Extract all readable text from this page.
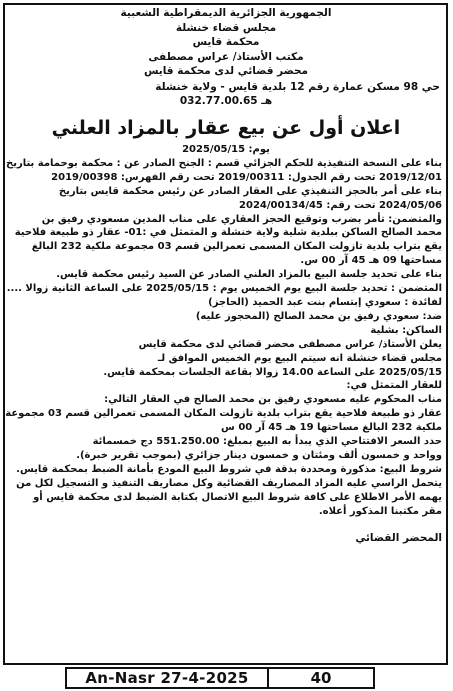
الجمهورية الجزائرية الديمقراطية الشعبية
مجلس قضاء خنشلة
محكمة قايس
مكتب الأستاذ/ عراس مصطفى
محضر قضائي لدى محكمة قايس
حي 98 مسكن عمارة رقم 12 بلدية قايس - ولاية خنشلة
032.77.00.65 هـ
اعلان أول عن بيع عقار بالمزاد العلني
يوم: 2025/05/15
بناء على النسخة التنفيذية للحكم الجزائي قسم : الجنح الصادر عن : محكمة بوحمامة بتاريخ
2019/12/01 تحت رقم الجدول: 2019/00311 تحت رقم الفهرس: 2019/00398
بناء على أمر بالحجز التنفيذي على العقار الصادر عن رئيس محكمة قايس بتاريخ
2024/05/06 تحت رقم: 2024/00134/45
والمتضمن: تأمر بضرب وتوقيع الحجز العقاري على مناب المدين مسعودي رفيق بن
محمد الصالح الساكن ببلدية شلية ولاية خنشلة و المتمثل في :01- عقار ذو طبيعة فلاحية
يقع بتراب بلدية تازولت المكان المسمى تعمرالين قسم 03 مجموعة ملكية 232 البالغ
مساحتها 09 هـ 45 آر 00 س.
بناء على تحديد جلسة البيع بالمزاد العلني الصادر عن السيد رئيس محكمة قايس.
المتضمن : تحديد جلسة البيع يوم الخميس يوم : 2025/05/15 على الساعة الثانية زوالا ....
لفائدة : سعودي إبتسام بنت عبد الحميد (الحاجز)
ضد: سعودي رفيق بن محمد الصالح (المحجوز عليه)
الساكن: بشلية
يعلن الأستاذ/ عراس مصطفى محضر قضائي لدى محكمة قايس
مجلس قضاء خنشلة انه سيتم البيع يوم الخميس الموافق لـ
2025/05/15 على الساعة 14.00 زوالا بقاعة الجلسات بمحكمة قايس.
للعقار المتمثل في:
مناب المحكوم عليه مسعودي رفيق بن محمد الصالح في العقار التالي:
عقار ذو طبيعة فلاحية يقع بتراب بلدية تازولت المكان المسمى تعمرالين قسم 03 مجموعة
ملكية 232 البالغ مساحتها 19 هـ 45 آر 00 س
حدد السعر الافتتاحي الذي يبدأ به البيع بمبلغ: 551.250.00 دج خمسمائة
وواحد و خمسون ألف ومئتان و خمسون دينار جزائري (بموجب تقرير خبرة).
شروط البيع: مذكورة ومحددة بدقة في شروط البيع المودع بأمانة الضبط بمحكمة قايس.
يتحمل الراسي عليه المزاد المصاريف القضائية وكل مصاريف التنفيذ و التسجيل لكل من
يهمه الأمر الاطلاع على كافة شروط البيع الاتصال بكتابة الضبط لدى محكمة قايس أو
مقر مكتبنا المذكور أعلاه.
المحضر القضائي
An-Nasr 27-4-2025	40
